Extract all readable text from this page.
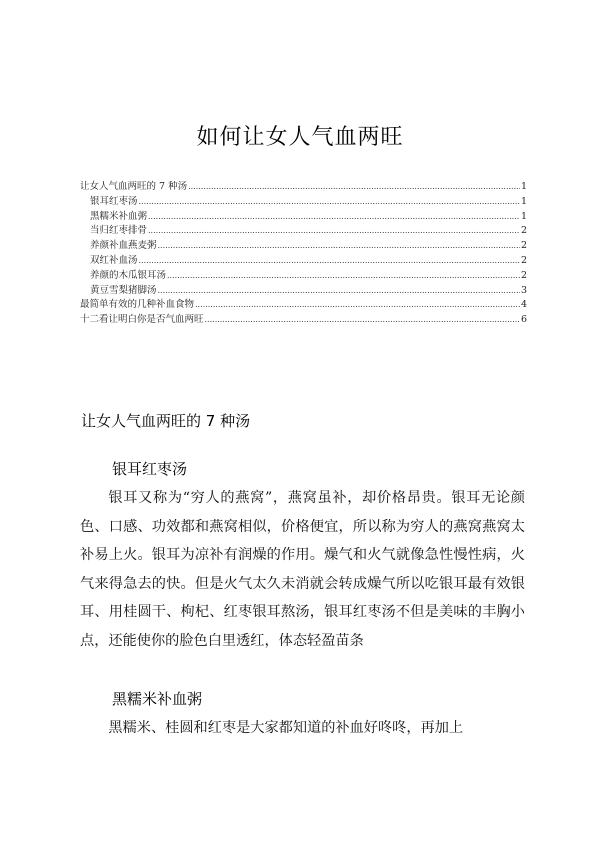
如何让女人气血两旺
让女人气血两旺的 7 种汤 .....	1
银耳红枣汤 .....	1
黑糯米补血粥 .....	1
当归红枣排骨 .....	2
养颜补血燕麦粥 .....	2
双红补血汤 .....	2
养颜的木瓜银耳汤 .....	2
黄豆雪梨猪脚汤 .....	3
最简单有效的几种补血食物 .....	4
十二看让明白你是否气血两旺 .....	6
让女人气血两旺的 7 种汤
银耳红枣汤
银耳又称为“穷人的燕窝”，燕窝虽补，却价格昂贵。银耳无论颜色、口感、功效都和燕窝相似，价格便宜，所以称为穷人的燕窝燕窝太补易上火。银耳为凉补有润燥的作用。燥气和火气就像急性慢性病，火气来得急去的快。但是火气太久未消就会转成燥气所以吃银耳最有效银耳、用桂圆干、枸杞、红枣银耳熬汤，银耳红枣汤不但是美味的丰胸小点，还能使你的脸色白里透红，体态轻盈苗条
黑糯米补血粥
黑糯米、桂圆和红枣是大家都知道的补血好咚咚，再加上
